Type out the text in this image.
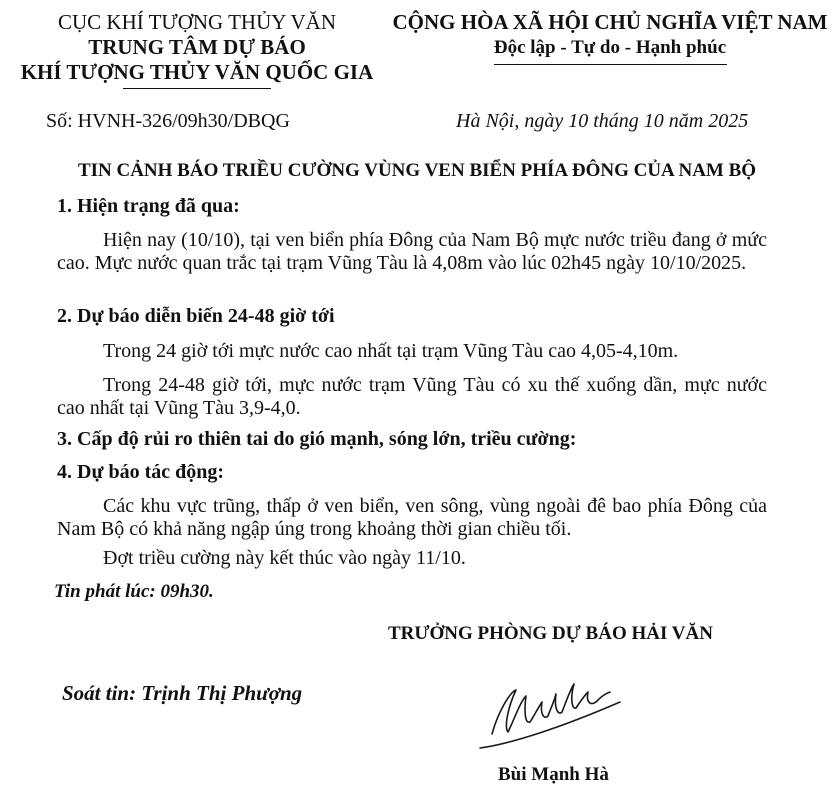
CỤC KHÍ TƯỢNG THỦY VĂN
TRUNG TÂM DỰ BÁO
KHÍ TƯỢNG THỦY VĂN QUỐC GIA
CỘNG HÒA XÃ HỘI CHỦ NGHĨA VIỆT NAM
Độc lập - Tự do - Hạnh phúc
Số: HVNH-326/09h30/DBQG	Hà Nội, ngày 10 tháng 10 năm 2025
TIN CẢNH BÁO TRIỀU CƯỜNG VÙNG VEN BIỂN PHÍA ĐÔNG CỦA NAM BỘ
1. Hiện trạng đã qua:
Hiện nay (10/10), tại ven biển phía Đông của Nam Bộ mực nước triều đang ở mức cao. Mực nước quan trắc tại trạm Vũng Tàu là 4,08m vào lúc 02h45 ngày 10/10/2025.
2. Dự báo diễn biến 24-48 giờ tới
Trong 24 giờ tới mực nước cao nhất tại trạm Vũng Tàu cao 4,05-4,10m.
Trong 24-48 giờ tới, mực nước trạm Vũng Tàu có xu thế xuống dần, mực nước cao nhất tại Vũng Tàu 3,9-4,0.
3. Cấp độ rủi ro thiên tai do gió mạnh, sóng lớn, triều cường:
4. Dự báo tác động:
Các khu vực trũng, thấp ở ven biển, ven sông, vùng ngoài đê bao phía Đông của Nam Bộ có khả năng ngập úng trong khoảng thời gian chiều tối.
Đợt triều cường này kết thúc vào ngày 11/10.
Tin phát lúc: 09h30.
TRƯỞNG PHÒNG DỰ BÁO HẢI VĂN
Soát tin: Trịnh Thị Phượng
Bùi Mạnh Hà
